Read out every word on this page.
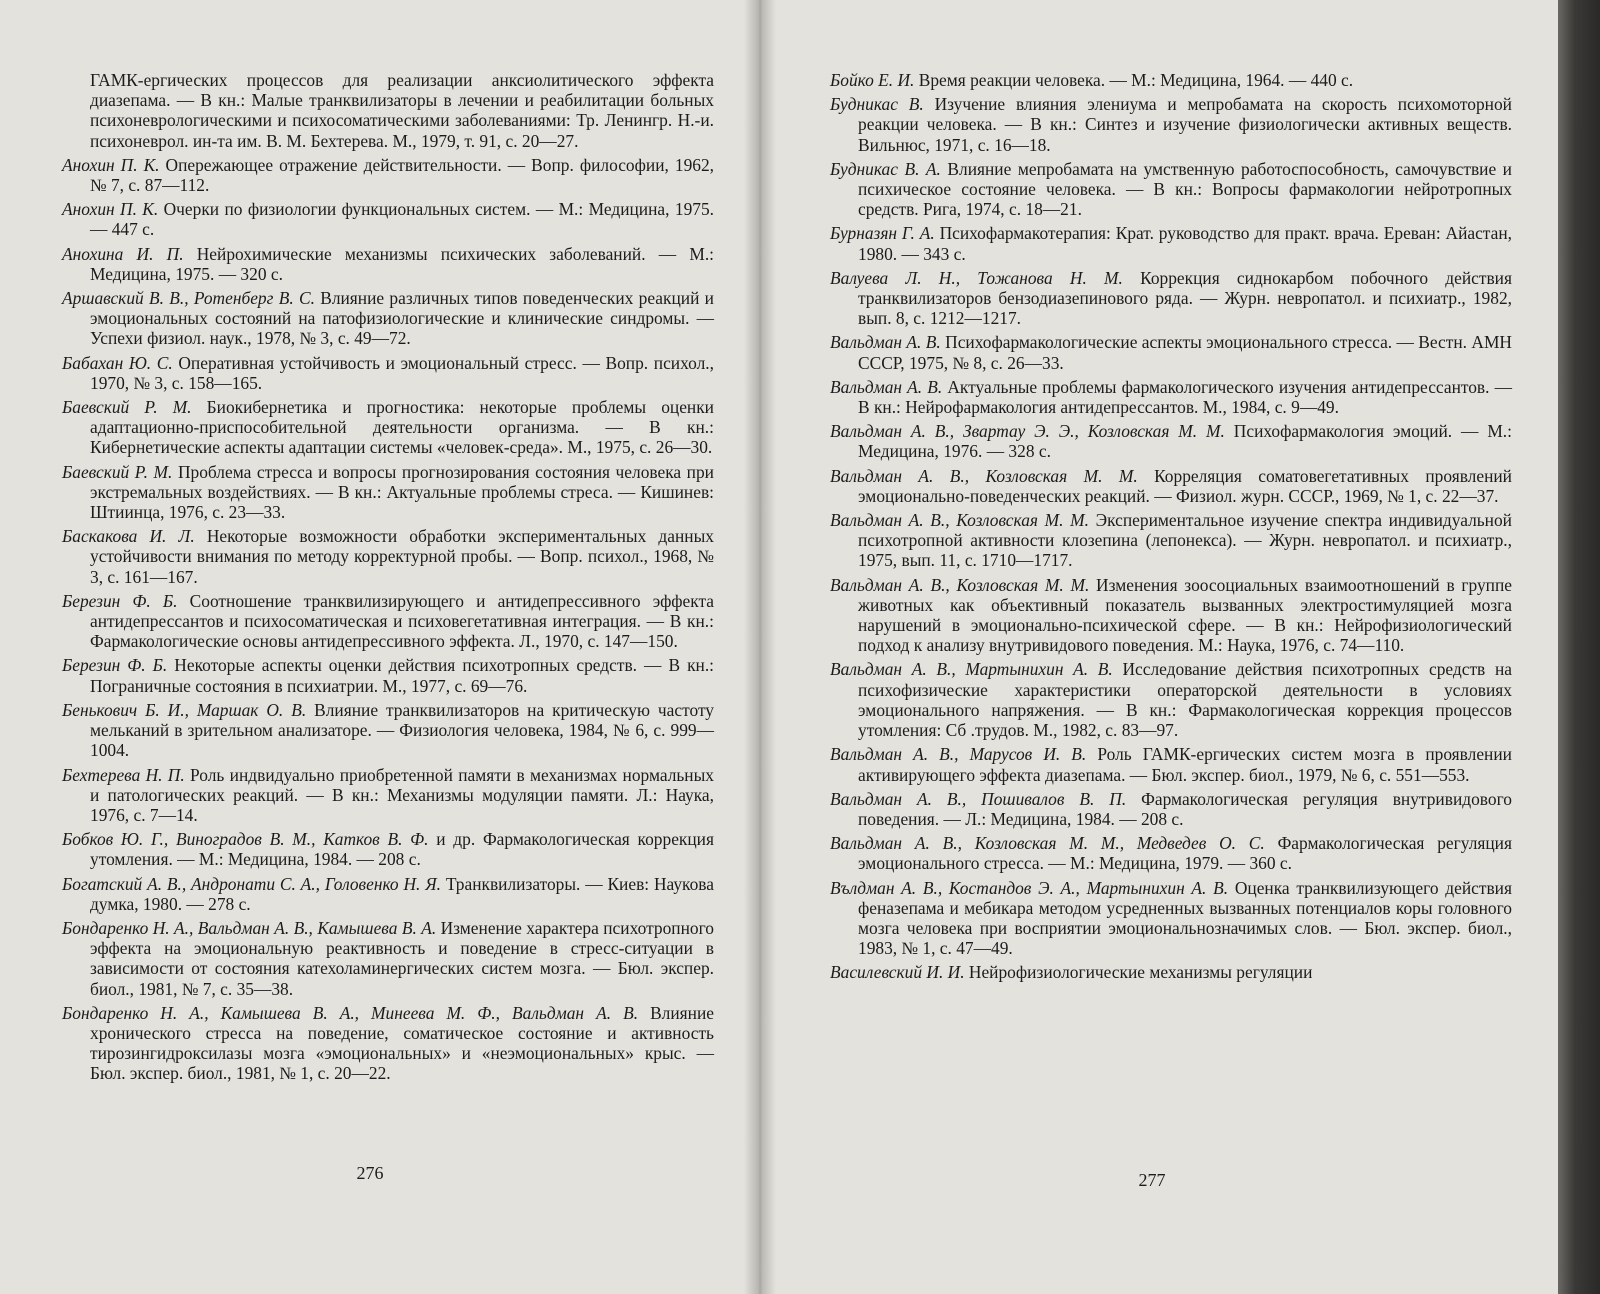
ГАМК-ергических процессов для реализации анксиолитического эффекта диазепама. — В кн.: Малые транквилизаторы в лечении и реабилитации больных психоневрологическими и психосоматическими заболеваниями: Тр. Ленингр. Н.-и. психоневрол. ин-та им. В. М. Бехтерева. М., 1979, т. 91, с. 20—27.

Анохин П. К. Опережающее отражение действительности. — Вопр. философии, 1962, № 7, с. 87—112.

Анохин П. К. Очерки по физиологии функциональных систем. — М.: Медицина, 1975. — 447 с.

Анохина И. П. Нейрохимические механизмы психических заболеваний. — М.: Медицина, 1975. — 320 с.

Аршавский В. В., Ротенберг В. С. Влияние различных типов поведенческих реакций и эмоциональных состояний на патофизиологические и клинические синдромы. — Успехи физиол. наук., 1978, № 3, с. 49—72.

Бабахан Ю. С. Оперативная устойчивость и эмоциональный стресс. — Вопр. психол., 1970, № 3, с. 158—165.

Баевский Р. М. Биокибернетика и прогностика: некоторые проблемы оценки адаптационно-приспособительной деятельности организма. — В кн.: Кибернетические аспекты адаптации системы «человек-среда». М., 1975, с. 26—30.

Баевский Р. М. Проблема стресса и вопросы прогнозирования состояния человека при экстремальных воздействиях. — В кн.: Актуальные проблемы стреса. — Кишинев: Штиинца, 1976, с. 23—33.

Баскакова И. Л. Некоторые возможности обработки экспериментальных данных устойчивости внимания по методу корректурной пробы. — Вопр. психол., 1968, № 3, с. 161—167.

Березин Ф. Б. Соотношение транквилизирующего и антидепрессивного эффекта антидепрессантов и психосоматическая и психовегетативная интеграция. — В кн.: Фармакологические основы антидепрессивного эффекта. Л., 1970, с. 147—150.

Березин Ф. Б. Некоторые аспекты оценки действия психотропных средств. — В кн.: Пограничные состояния в психиатрии. М., 1977, с. 69—76.

Бенькович Б. И., Маршак О. В. Влияние транквилизаторов на критическую частоту мельканий в зрительном анализаторе. — Физиология человека, 1984, № 6, с. 999—1004.

Бехтерева Н. П. Роль индвидуально приобретенной памяти в механизмах нормальных и патологических реакций. — В кн.: Механизмы модуляции памяти. Л.: Наука, 1976, с. 7—14.

Бобков Ю. Г., Виноградов В. М., Катков В. Ф. и др. Фармакологическая коррекция утомления. — М.: Медицина, 1984. — 208 с.

Богатский А. В., Андронати С. А., Головенко Н. Я. Транквилизаторы. — Киев: Наукова думка, 1980. — 278 с.

Бондаренко Н. А., Вальдман А. В., Камышева В. А. Изменение характера психотропного эффекта на эмоциональную реактивность и поведение в стресс-ситуации в зависимости от состояния катехоламинергических систем мозга. — Бюл. экспер. биол., 1981, № 7, с. 35—38.

Бондаренко Н. А., Камышева В. А., Минеева М. Ф., Вальдман А. В. Влияние хронического стресса на поведение, соматическое состояние и активность тирозингидроксилазы мозга «эмоциональных» и «неэмоциональных» крыс. — Бюл. экспер. биол., 1981, № 1, с. 20—22.

276

Бойко Е. И. Время реакции человека. — М.: Медицина, 1964. — 440 с.

Будникас В. Изучение влияния элениума и мепробамата на скорость психомоторной реакции человека. — В кн.: Синтез и изучение физиологически активных веществ. Вильнюс, 1971, с. 16—18.

Будникас В. А. Влияние мепробамата на умственную работоспособность, самочувствие и психическое состояние человека. — В кн.: Вопросы фармакологии нейротропных средств. Рига, 1974, с. 18—21.

Бурназян Г. А. Психофармакотерапия: Крат. руководство для практ. врача. Ереван: Айастан, 1980. — 343 с.

Валуева Л. Н., Тожанова Н. М. Коррекция сиднокарбом побочного действия транквилизаторов бензодиазепинового ряда. — Журн. невропатол. и психиатр., 1982, вып. 8, с. 1212—1217.

Вальдман А. В. Психофармакологические аспекты эмоционального стресса. — Вестн. АМН СССР, 1975, № 8, с. 26—33.

Вальдман А. В. Актуальные проблемы фармакологического изучения антидепрессантов. — В кн.: Нейрофармакология антидепрессантов. М., 1984, с. 9—49.

Вальдман А. В., Звартау Э. Э., Козловская М. М. Психофармакология эмоций. — М.: Медицина, 1976. — 328 с.

Вальдман А. В., Козловская М. М. Корреляция соматовегетативных проявлений эмоционально-поведенческих реакций. — Физиол. журн. СССР., 1969, № 1, с. 22—37.

Вальдман А. В., Козловская М. М. Экспериментальное изучение спектра индивидуальной психотропной активности клозепина (лепонекса). — Журн. невропатол. и психиатр., 1975, вып. 11, с. 1710—1717.

Вальдман А. В., Козловская М. М. Изменения зоосоциальных взаимоотношений в группе животных как объективный показатель вызванных электростимуляцией мозга нарушений в эмоционально-психической сфере. — В кн.: Нейрофизиологический подход к анализу внутривидового поведения. М.: Наука, 1976, с. 74—110.

Вальдман А. В., Мартынихин А. В. Исследование действия психотропных средств на психофизические характеристики операторской деятельности в условиях эмоционального напряжения. — В кн.: Фармакологическая коррекция процессов утомления: Сб .трудов. М., 1982, с. 83—97.

Вальдман А. В., Марусов И. В. Роль ГАМК-ергических систем мозга в проявлении активирующего эффекта диазепама. — Бюл. экспер. биол., 1979, № 6, с. 551—553.

Вальдман А. В., Пошивалов В. П. Фармакологическая регуляция внутривидового поведения. — Л.: Медицина, 1984. — 208 с.

Вальдман А. В., Козловская М. М., Медведев О. С. Фармакологическая регуляция эмоционального стресса. — М.: Медицина, 1979. — 360 с.

Вълдман А. В., Костандов Э. А., Мартынихин А. В. Оценка транквилизующего действия феназепама и мебикара методом усредненных вызванных потенциалов коры головного мозга человека при восприятии эмоциональнозначимых слов. — Бюл. экспер. биол., 1983, № 1, с. 47—49.

Василевский И. И. Нейрофизиологические механизмы регуляции

277
